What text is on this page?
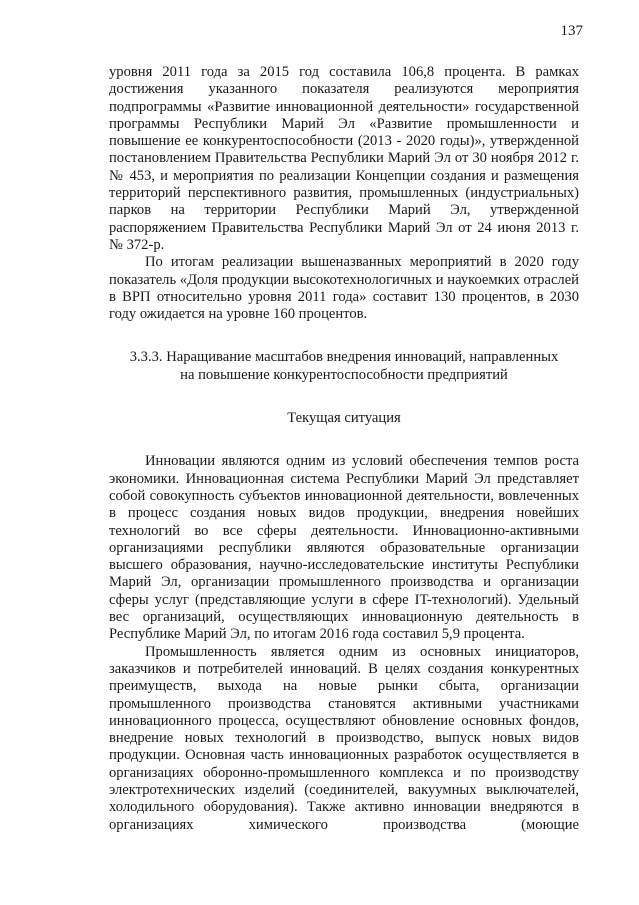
137

уровня 2011 года за 2015 год составила 106,8 процента. В рамках достижения указанного показателя реализуются мероприятия подпрограммы «Развитие инновационной деятельности» государственной программы Республики Марий Эл «Развитие промышленности и повышение ее конкурентоспособности (2013 - 2020 годы)», утвержденной постановлением Правительства Республики Марий Эл от 30 ноября 2012 г. № 453, и мероприятия по реализации Концепции создания и размещения территорий перспективного развития, промышленных (индустриальных) парков на территории Республики Марий Эл, утвержденной распоряжением Правительства Республики Марий Эл от 24 июня 2013 г. № 372-р.

По итогам реализации вышеназванных мероприятий в 2020 году показатель «Доля продукции высокотехнологичных и наукоемких отраслей в ВРП относительно уровня 2011 года» составит 130 процентов, в 2030 году ожидается на уровне 160 процентов.

3.3.3. Наращивание масштабов внедрения инноваций, направленных
на повышение конкурентоспособности предприятий
Текущая ситуация

Инновации являются одним из условий обеспечения темпов роста экономики. Инновационная система Республики Марий Эл представляет собой совокупность субъектов инновационной деятельности, вовлеченных в процесс создания новых видов продукции, внедрения новейших технологий во все сферы деятельности. Инновационно-активными организациями республики являются образовательные организации высшего образования, научно-исследовательские институты Республики Марий Эл, организации промышленного производства и организации сферы услуг (представляющие услуги в сфере IT-технологий). Удельный вес организаций, осуществляющих инновационную деятельность в Республике Марий Эл, по итогам 2016 года составил 5,9 процента.

Промышленность является одним из основных инициаторов, заказчиков и потребителей инноваций. В целях создания конкурентных преимуществ, выхода на новые рынки сбыта, организации промышленного производства становятся активными участниками инновационного процесса, осуществляют обновление основных фондов, внедрение новых технологий в производство, выпуск новых видов продукции. Основная часть инновационных разработок осуществляется в организациях оборонно-промышленного комплекса и по производству электротехнических изделий (соединителей, вакуумных выключателей, холодильного оборудования). Также активно инновации внедряются в организациях химического производства (моющие
